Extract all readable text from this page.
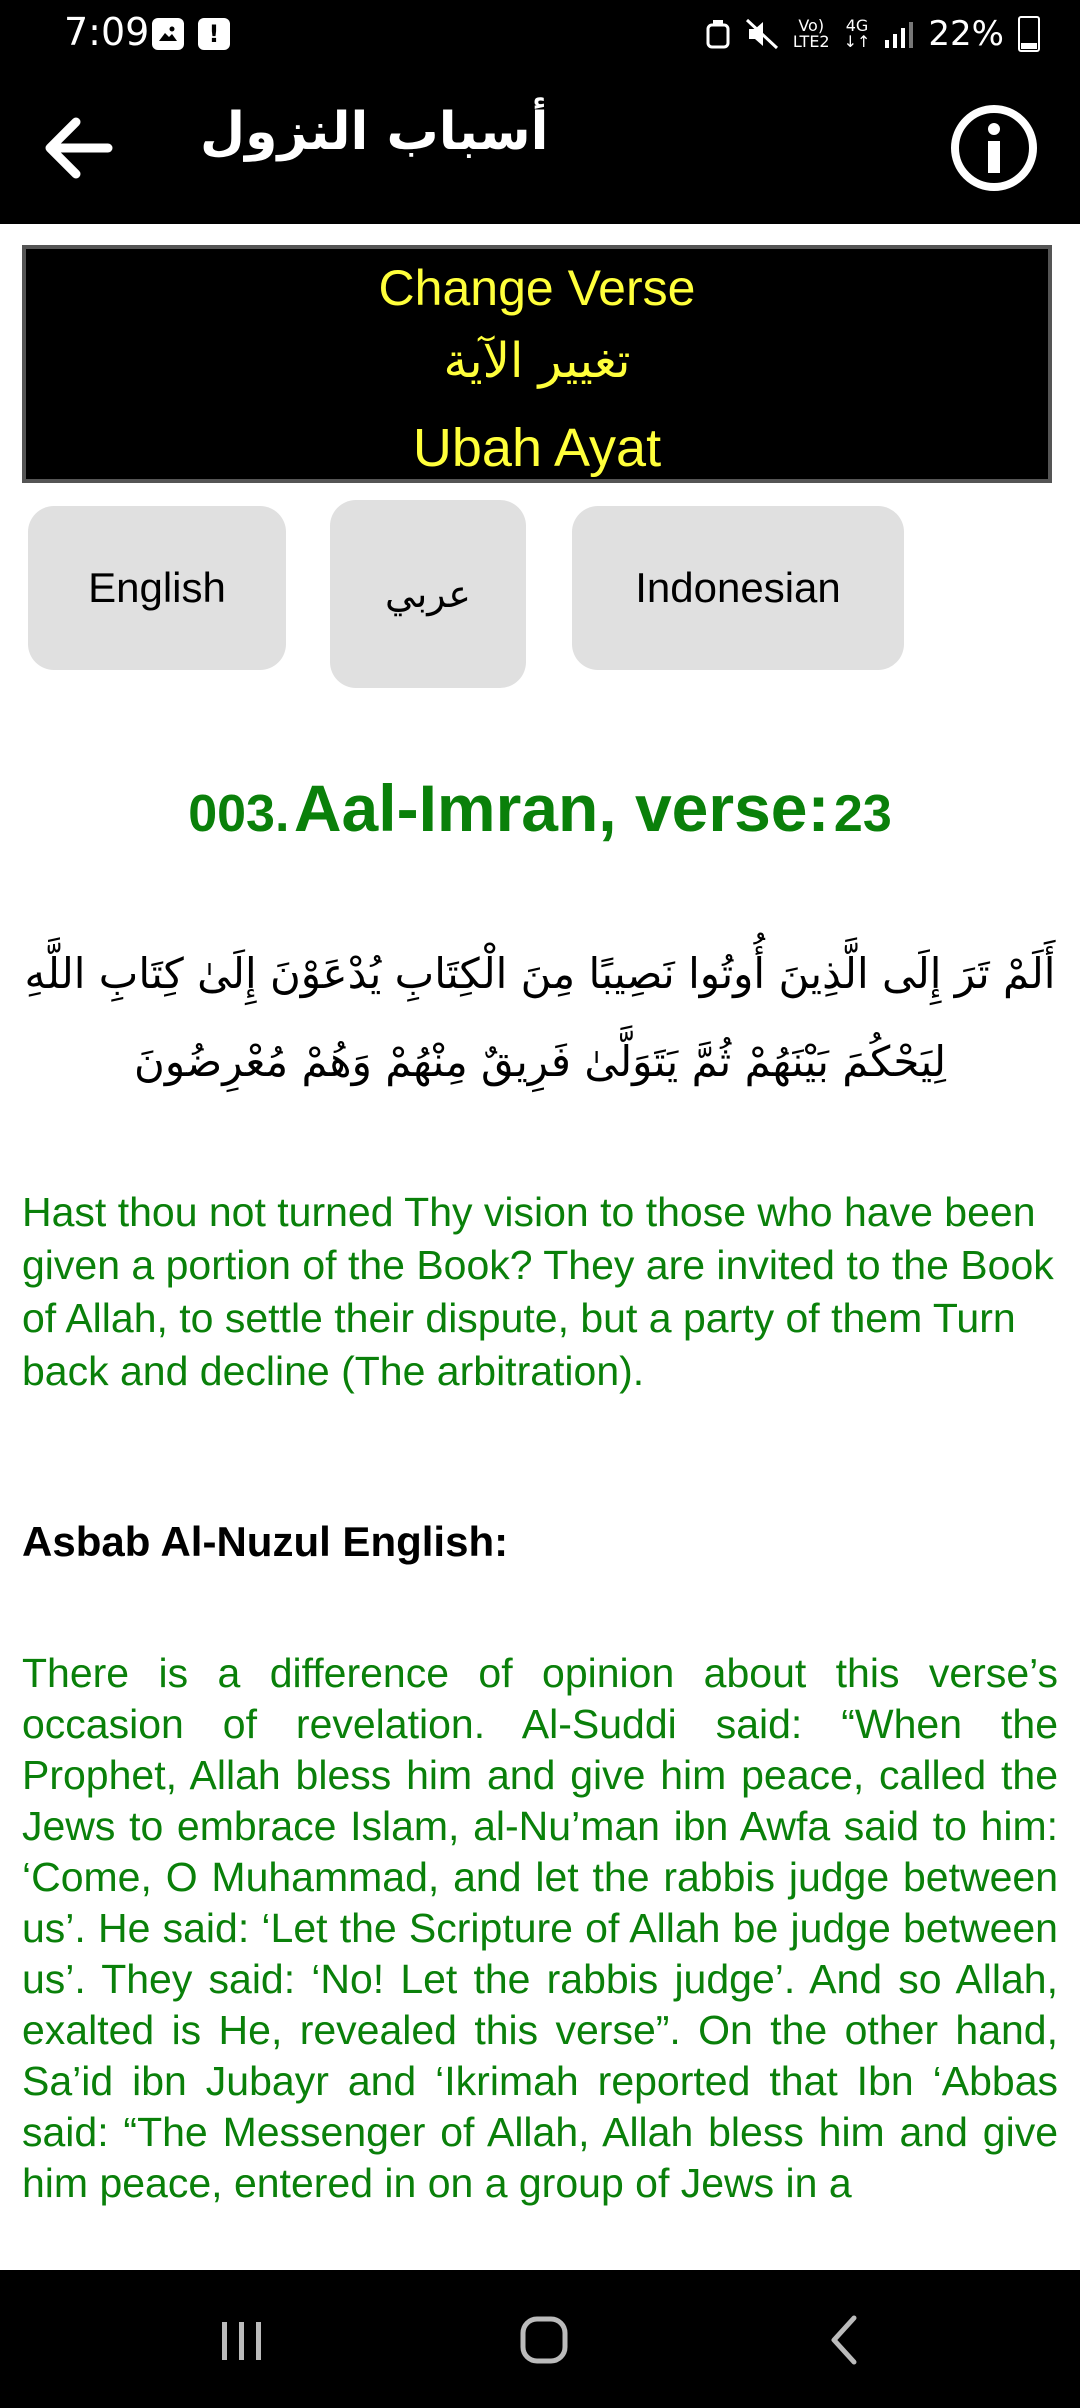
7:09	!	Vo)
LTE2
4G
↓↑ 22%
أسباب النزول
Change Verse
تغيير الآية
Ubah Ayat
English	عربي	Indonesian
003. Aal-Imran, verse: 23
أَلَمْ تَرَ إِلَى الَّذِينَ أُوتُوا نَصِيبًا مِنَ الْكِتَابِ يُدْعَوْنَ إِلَىٰ كِتَابِ اللَّهِ لِيَحْكُمَ بَيْنَهُمْ ثُمَّ يَتَوَلَّىٰ فَرِيقٌ مِنْهُمْ وَهُمْ مُعْرِضُونَ
Hast thou not turned Thy vision to those who have been given a portion of the Book? They are invited to the Book of Allah, to settle their dispute, but a party of them Turn back and decline (The arbitration).
Asbab Al-Nuzul English:
There is a difference of opinion about this verse’s occasion of revelation. Al-Suddi said: “When the Prophet, Allah bless him and give him peace, called the Jews to embrace Islam, al-Nu’man ibn Awfa said to him: ‘Come, O Muhammad, and let the rabbis judge between us’. He said: ‘Let the Scripture of Allah be judge between us’. They said: ‘No! Let the rabbis judge’. And so Allah, exalted is He, revealed this verse”. On the other hand, Sa’id ibn Jubayr and ‘Ikrimah reported that Ibn ‘Abbas said: “The Messenger of Allah, Allah bless him and give him peace, entered in on a group of Jews in a
